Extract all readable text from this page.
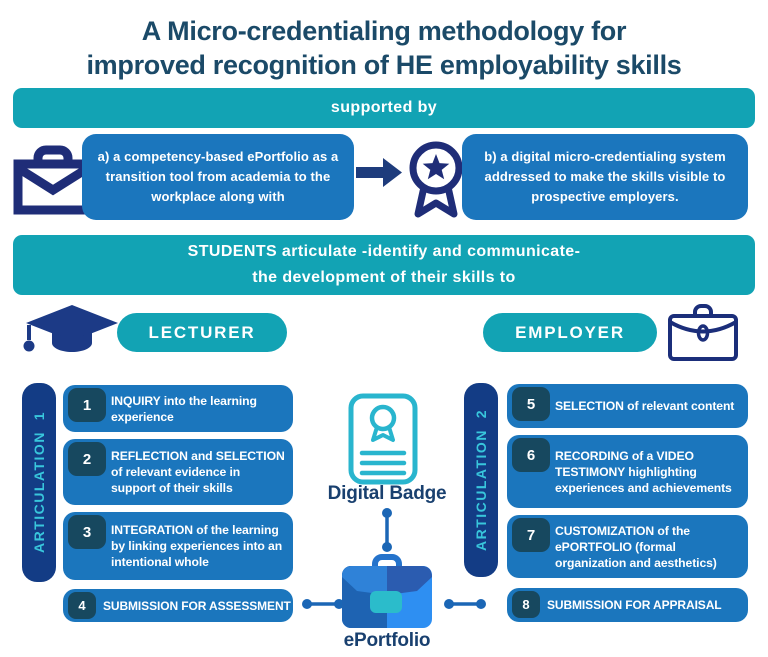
A Micro-credentialing methodology for
improved recognition of HE employability skills
supported by
a) a competency-based ePortfolio as a transition tool from academia to the workplace along with
b) a digital micro-credentialing system addressed to make the skills visible to prospective employers.
STUDENTS articulate -identify and communicate-
the development of their skills to
LECTURER	EMPLOYER
ARTICULATION  1
1	INQUIRY into the learning experience
2	REFLECTION and SELECTION of relevant evidence in support of their skills
3	INTEGRATION of the learning by linking experiences into an intentional whole
4	SUBMISSION FOR ASSESSMENT
ARTICULATION  2
5	SELECTION of relevant content
6	RECORDING of a VIDEO TESTIMONY highlighting experiences and achievements
7	CUSTOMIZATION of the ePORTFOLIO (formal organization and aesthetics)
8	SUBMISSION FOR APPRAISAL
Digital Badge
ePortfolio
